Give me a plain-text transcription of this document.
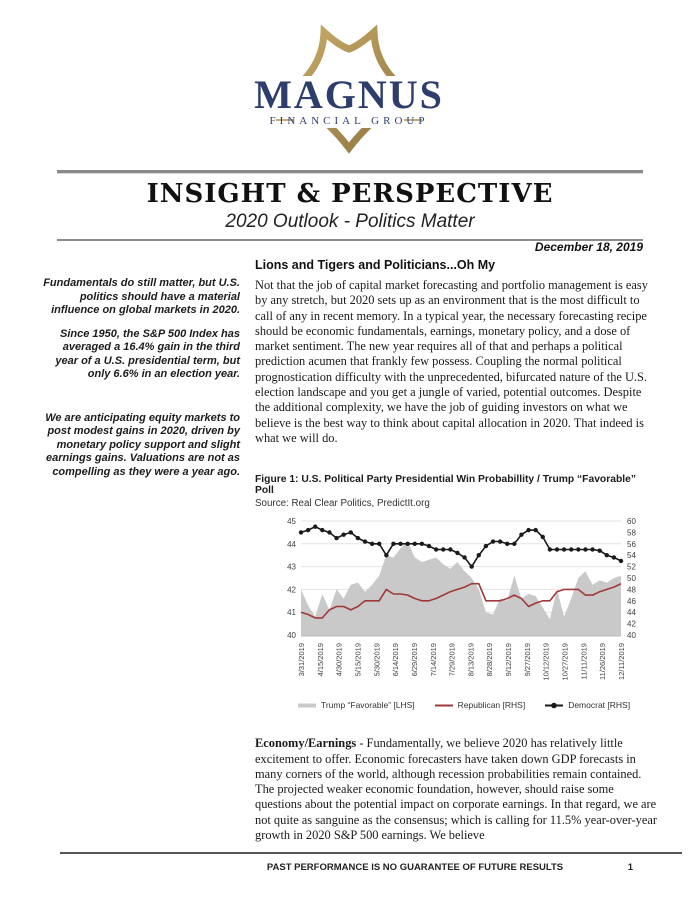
MAGNUS
FINANCIAL GROUP
INSIGHT & PERSPECTIVE
2020 Outlook - Politics Matter
December 18, 2019

Fundamentals do still matter, but U.S. politics should have a material influence on global markets in 2020.

Since 1950, the S&P 500 Index has averaged a 16.4% gain in the third year of a U.S. presidential term, but only 6.6% in an election year.

We are anticipating equity markets to post modest gains in 2020, driven by monetary policy support and slight earnings gains. Valuations are not as compelling as they were a year ago.

Lions and Tigers and Politicians...Oh My
Not that the job of capital market forecasting and portfolio management is easy by any stretch, but 2020 sets up as an environment that is the most difficult to call of any in recent memory. In a typical year, the necessary forecasting recipe should be economic fundamentals, earnings, monetary policy, and a dose of market sentiment. The new year requires all of that and perhaps a political prediction acumen that frankly few possess. Coupling the normal political prognostication difficulty with the unprecedented, bifurcated nature of the U.S. election landscape and you get a jungle of varied, potential outcomes. Despite the additional complexity, we have the job of guiding investors on what we believe is the best way to think about capital allocation in 2020. That indeed is what we will do.
Figure 1: U.S. Political Party Presidential Win Probabillity / Trump “Favorable” Poll
Source: Real Clear Politics, PredictIt.org
40
41
42
43
44
45
40
42
44
46
48
50
52
54
56
58
60
3/31/2019 4/15/2019 4/30/2019 5/15/2019 5/30/2019 6/14/2019 6/29/2019 7/14/2019 7/29/2019 8/13/2019 8/28/2019 9/12/2019 9/27/2019 10/12/2019 10/27/2019 11/11/2019 11/26/2019 12/11/2019
Trump “Favorable” [LHS]	Republican [RHS]	Democrat [RHS]
Economy/Earnings - Fundamentally, we believe 2020 has relatively little excitement to offer. Economic forecasters have taken down GDP forecasts in many corners of the world, although recession probabilities remain contained. The projected weaker economic foundation, however, should raise some questions about the potential impact on corporate earnings. In that regard, we are not quite as sanguine as the consensus; which is calling for 11.5% year-over-year growth in 2020 S&P 500 earnings. We believe
PAST PERFORMANCE IS NO GUARANTEE OF FUTURE RESULTS	1
